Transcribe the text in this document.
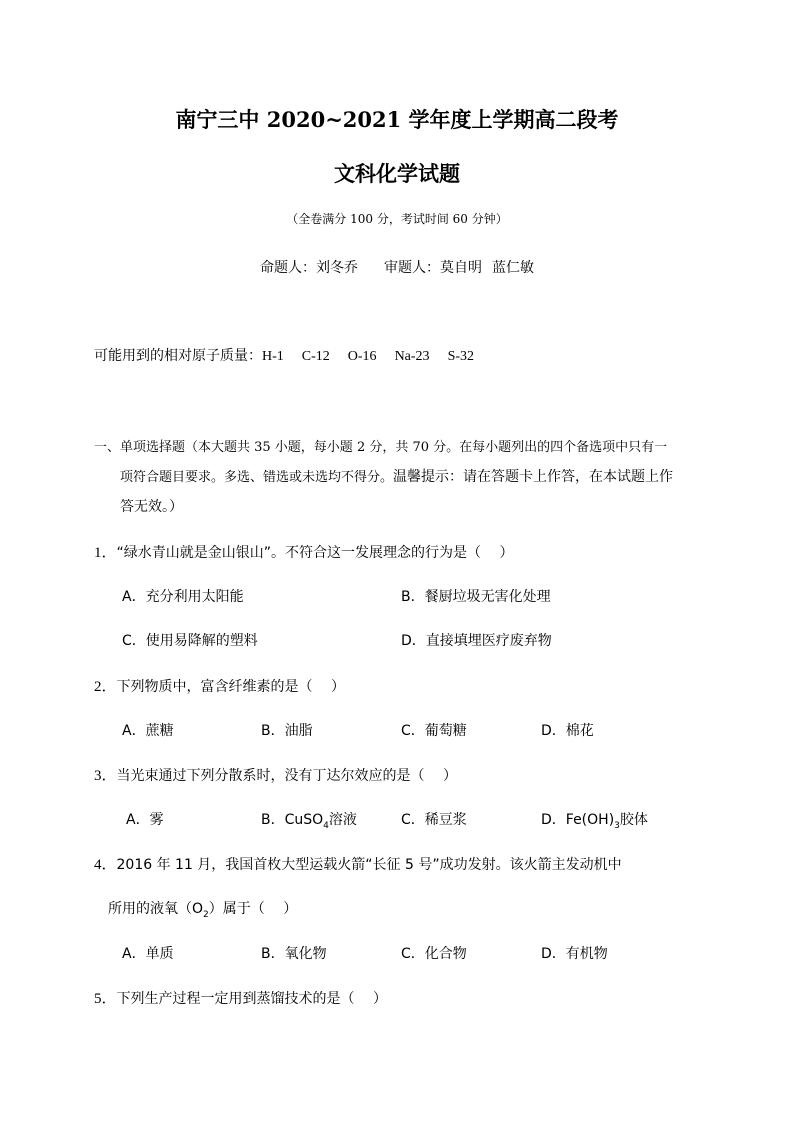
南宁三中 2020~2021 学年度上学期高二段考
文科化学试题
（全卷满分 100 分，考试时间 60 分钟）
命题人：刘冬乔 审题人：莫自明 蓝仁敏
可能用到的相对原子质量：H-1 C-12 O-16 Na-23 S-32
一、单项选择题（本大题共 35 小题，每小题 2 分，共 70 分。在每小题列出的四个备选项中只有一
项符合题目要求。多选、错选或未选均不得分。温馨提示：请在答题卡上作答，在本试题上作
答无效。）
1．“绿水青山就是金山银山”。不符合这一发展理念的行为是（　 ）
A．充分利用太阳能	B．餐厨垃圾无害化处理
C．使用易降解的塑料	D．直接填埋医疗废弃物
2．下列物质中，富含纤维素的是（　 ）
A．蔗糖	B．油脂	C．葡萄糖	D．棉花
3．当光束通过下列分散系时，没有丁达尔效应的是（　 ）
A．雾	B．CuSO$_4$溶液	C．稀豆浆	D．$Fe(OH)_3$胶体
4．2016 年 11 月，我国首枚大型运载火箭“长征 5 号”成功发射。该火箭主发动机中
所用的液氧$(O_2)$属于（　 ）
A．单质	B．氧化物	C．化合物	D．有机物
5．下列生产过程一定用到蒸馏技术的是（　 ）
